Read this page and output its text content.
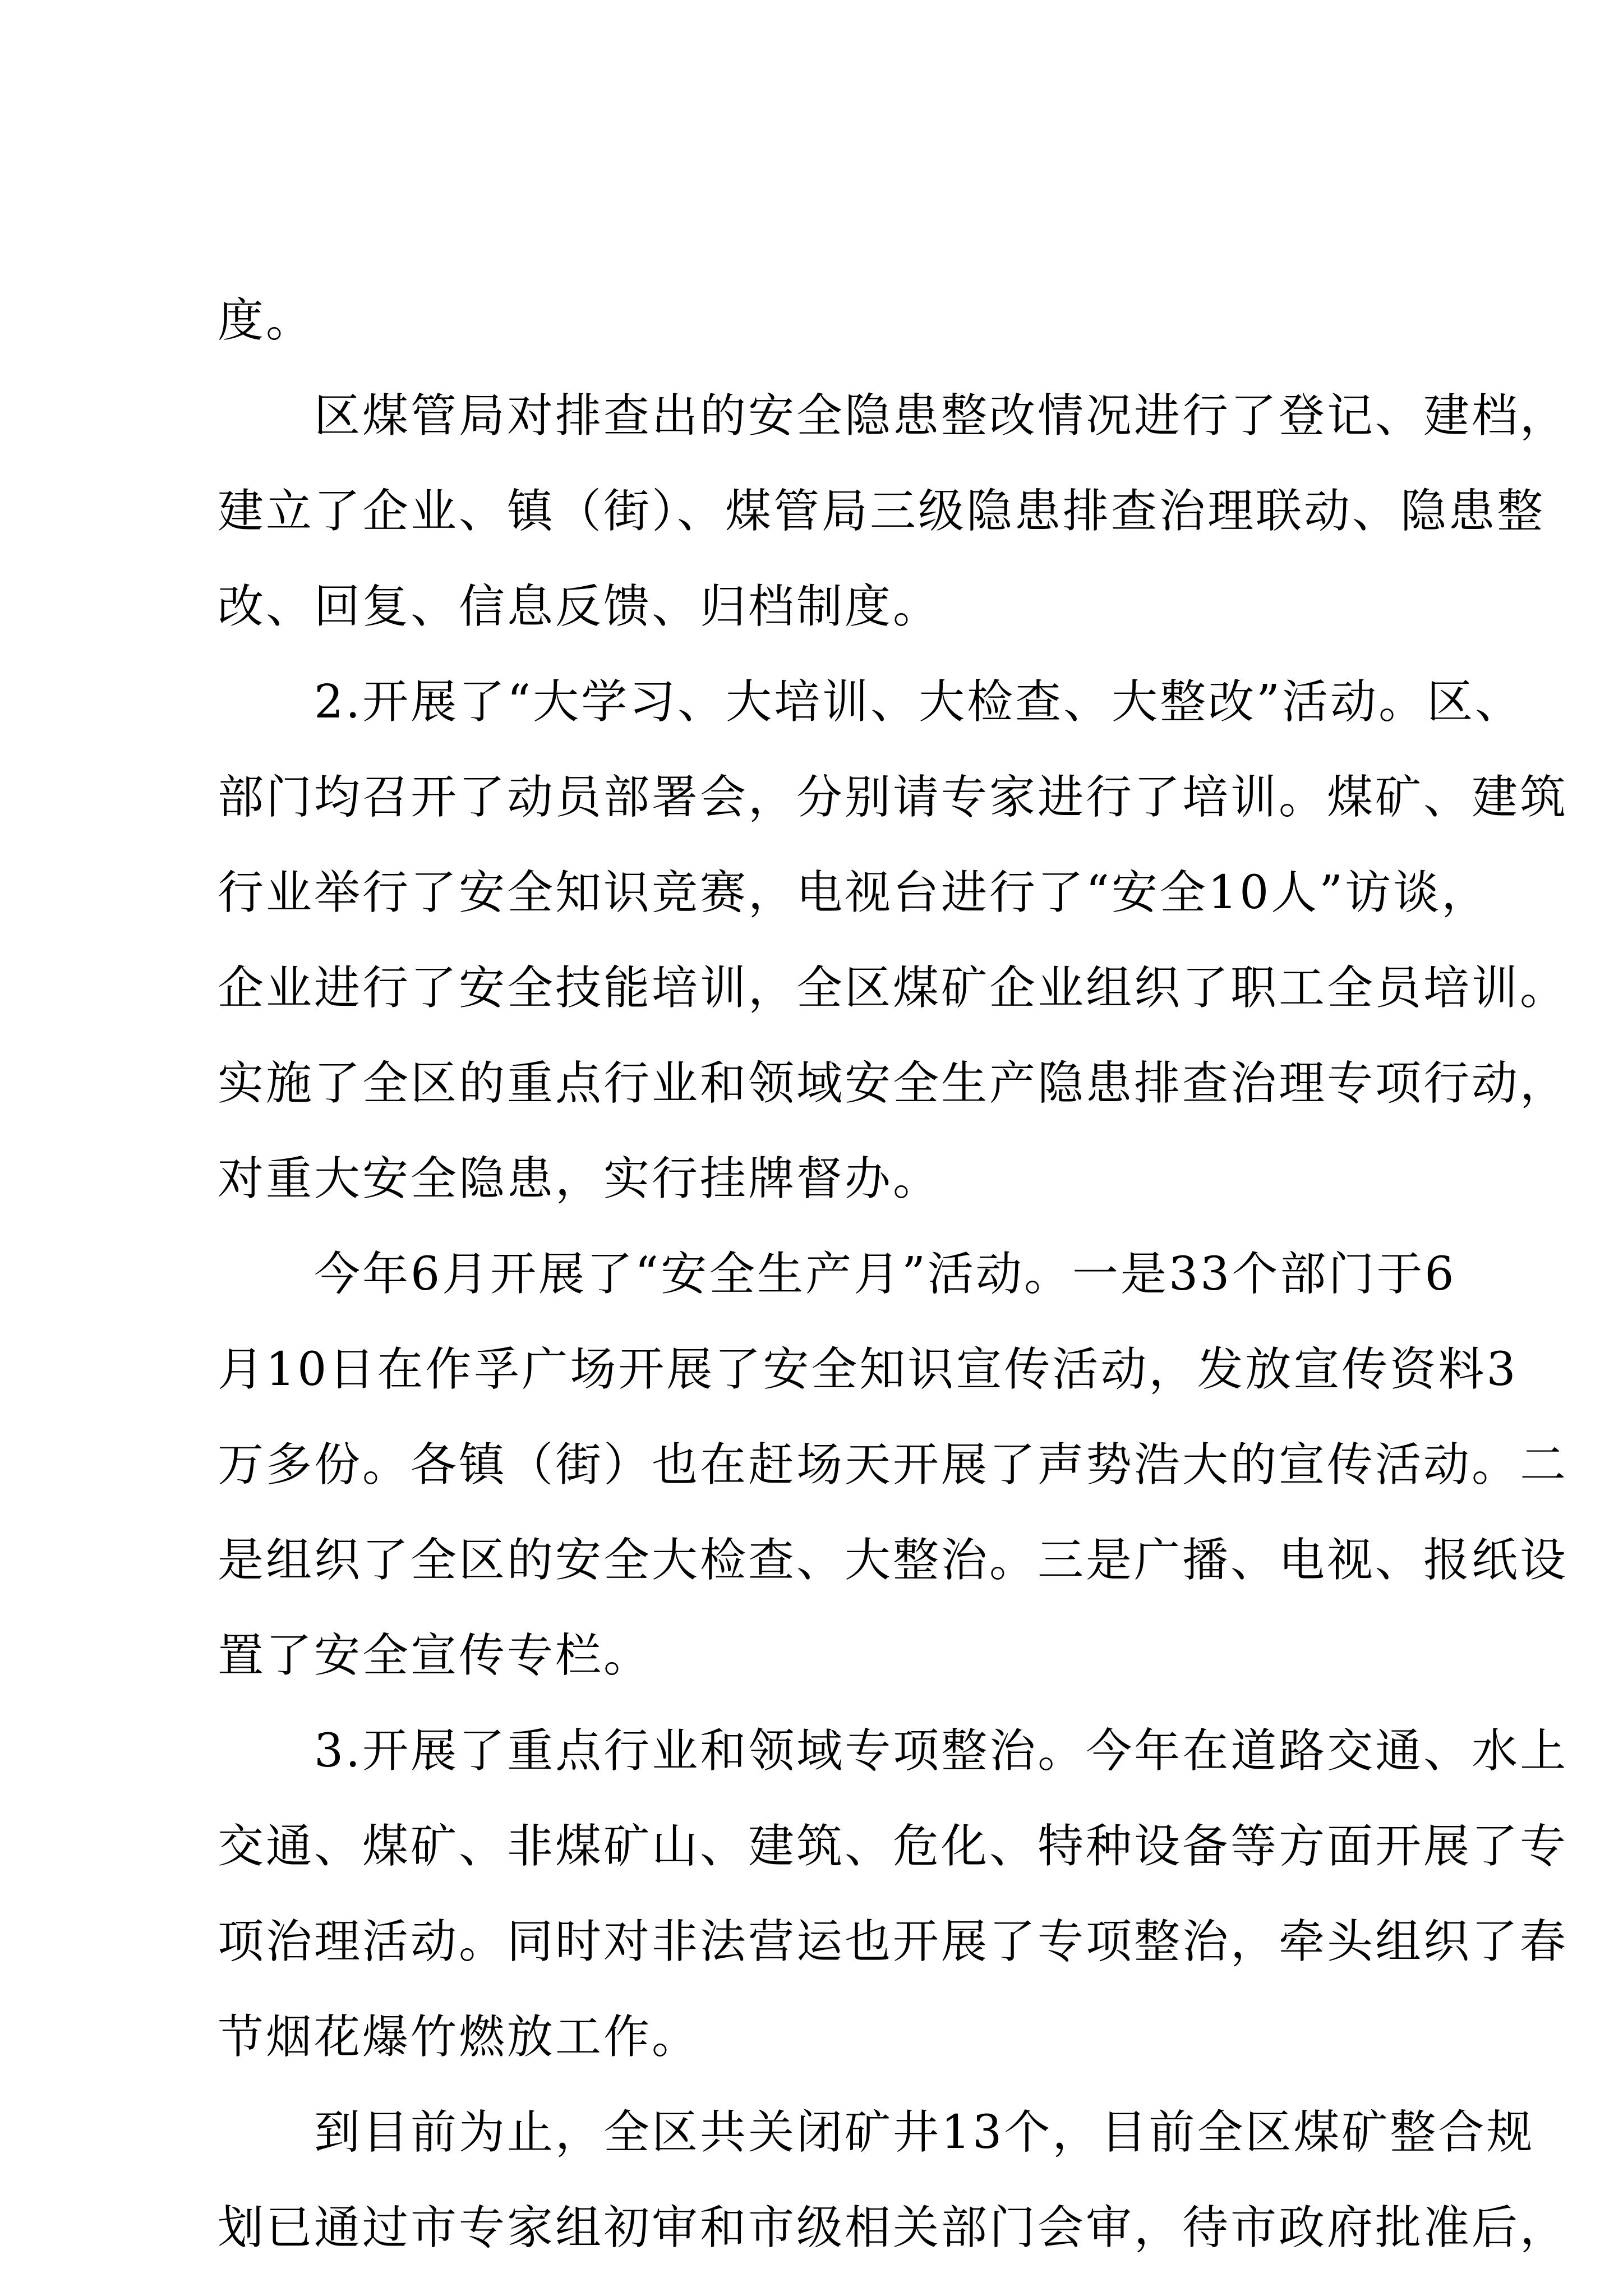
度。
　　区煤管局对排查出的安全隐患整改情况进行了登记、建档，
建立了企业、镇（街）、煤管局三级隐患排查治理联动、隐患整
改、回复、信息反馈、归档制度。
　　2.开展了“大学习、大培训、大检查、大整改”活动。区、
部门均召开了动员部署会，分别请专家进行了培训。煤矿、建筑
行业举行了安全知识竞赛，电视台进行了“安全10人”访谈，
企业进行了安全技能培训，全区煤矿企业组织了职工全员培训。
实施了全区的重点行业和领域安全生产隐患排查治理专项行动，
对重大安全隐患，实行挂牌督办。
　　今年6月开展了“安全生产月”活动。一是33个部门于6
月10日在作孚广场开展了安全知识宣传活动，发放宣传资料3
万多份。各镇（街）也在赶场天开展了声势浩大的宣传活动。二
是组织了全区的安全大检查、大整治。三是广播、电视、报纸设
置了安全宣传专栏。
　　3.开展了重点行业和领域专项整治。今年在道路交通、水上
交通、煤矿、非煤矿山、建筑、危化、特种设备等方面开展了专
项治理活动。同时对非法营运也开展了专项整治，牵头组织了春
节烟花爆竹燃放工作。
　　到目前为止，全区共关闭矿井13个，目前全区煤矿整合规
划已通过市专家组初审和市级相关部门会审，待市政府批准后，
